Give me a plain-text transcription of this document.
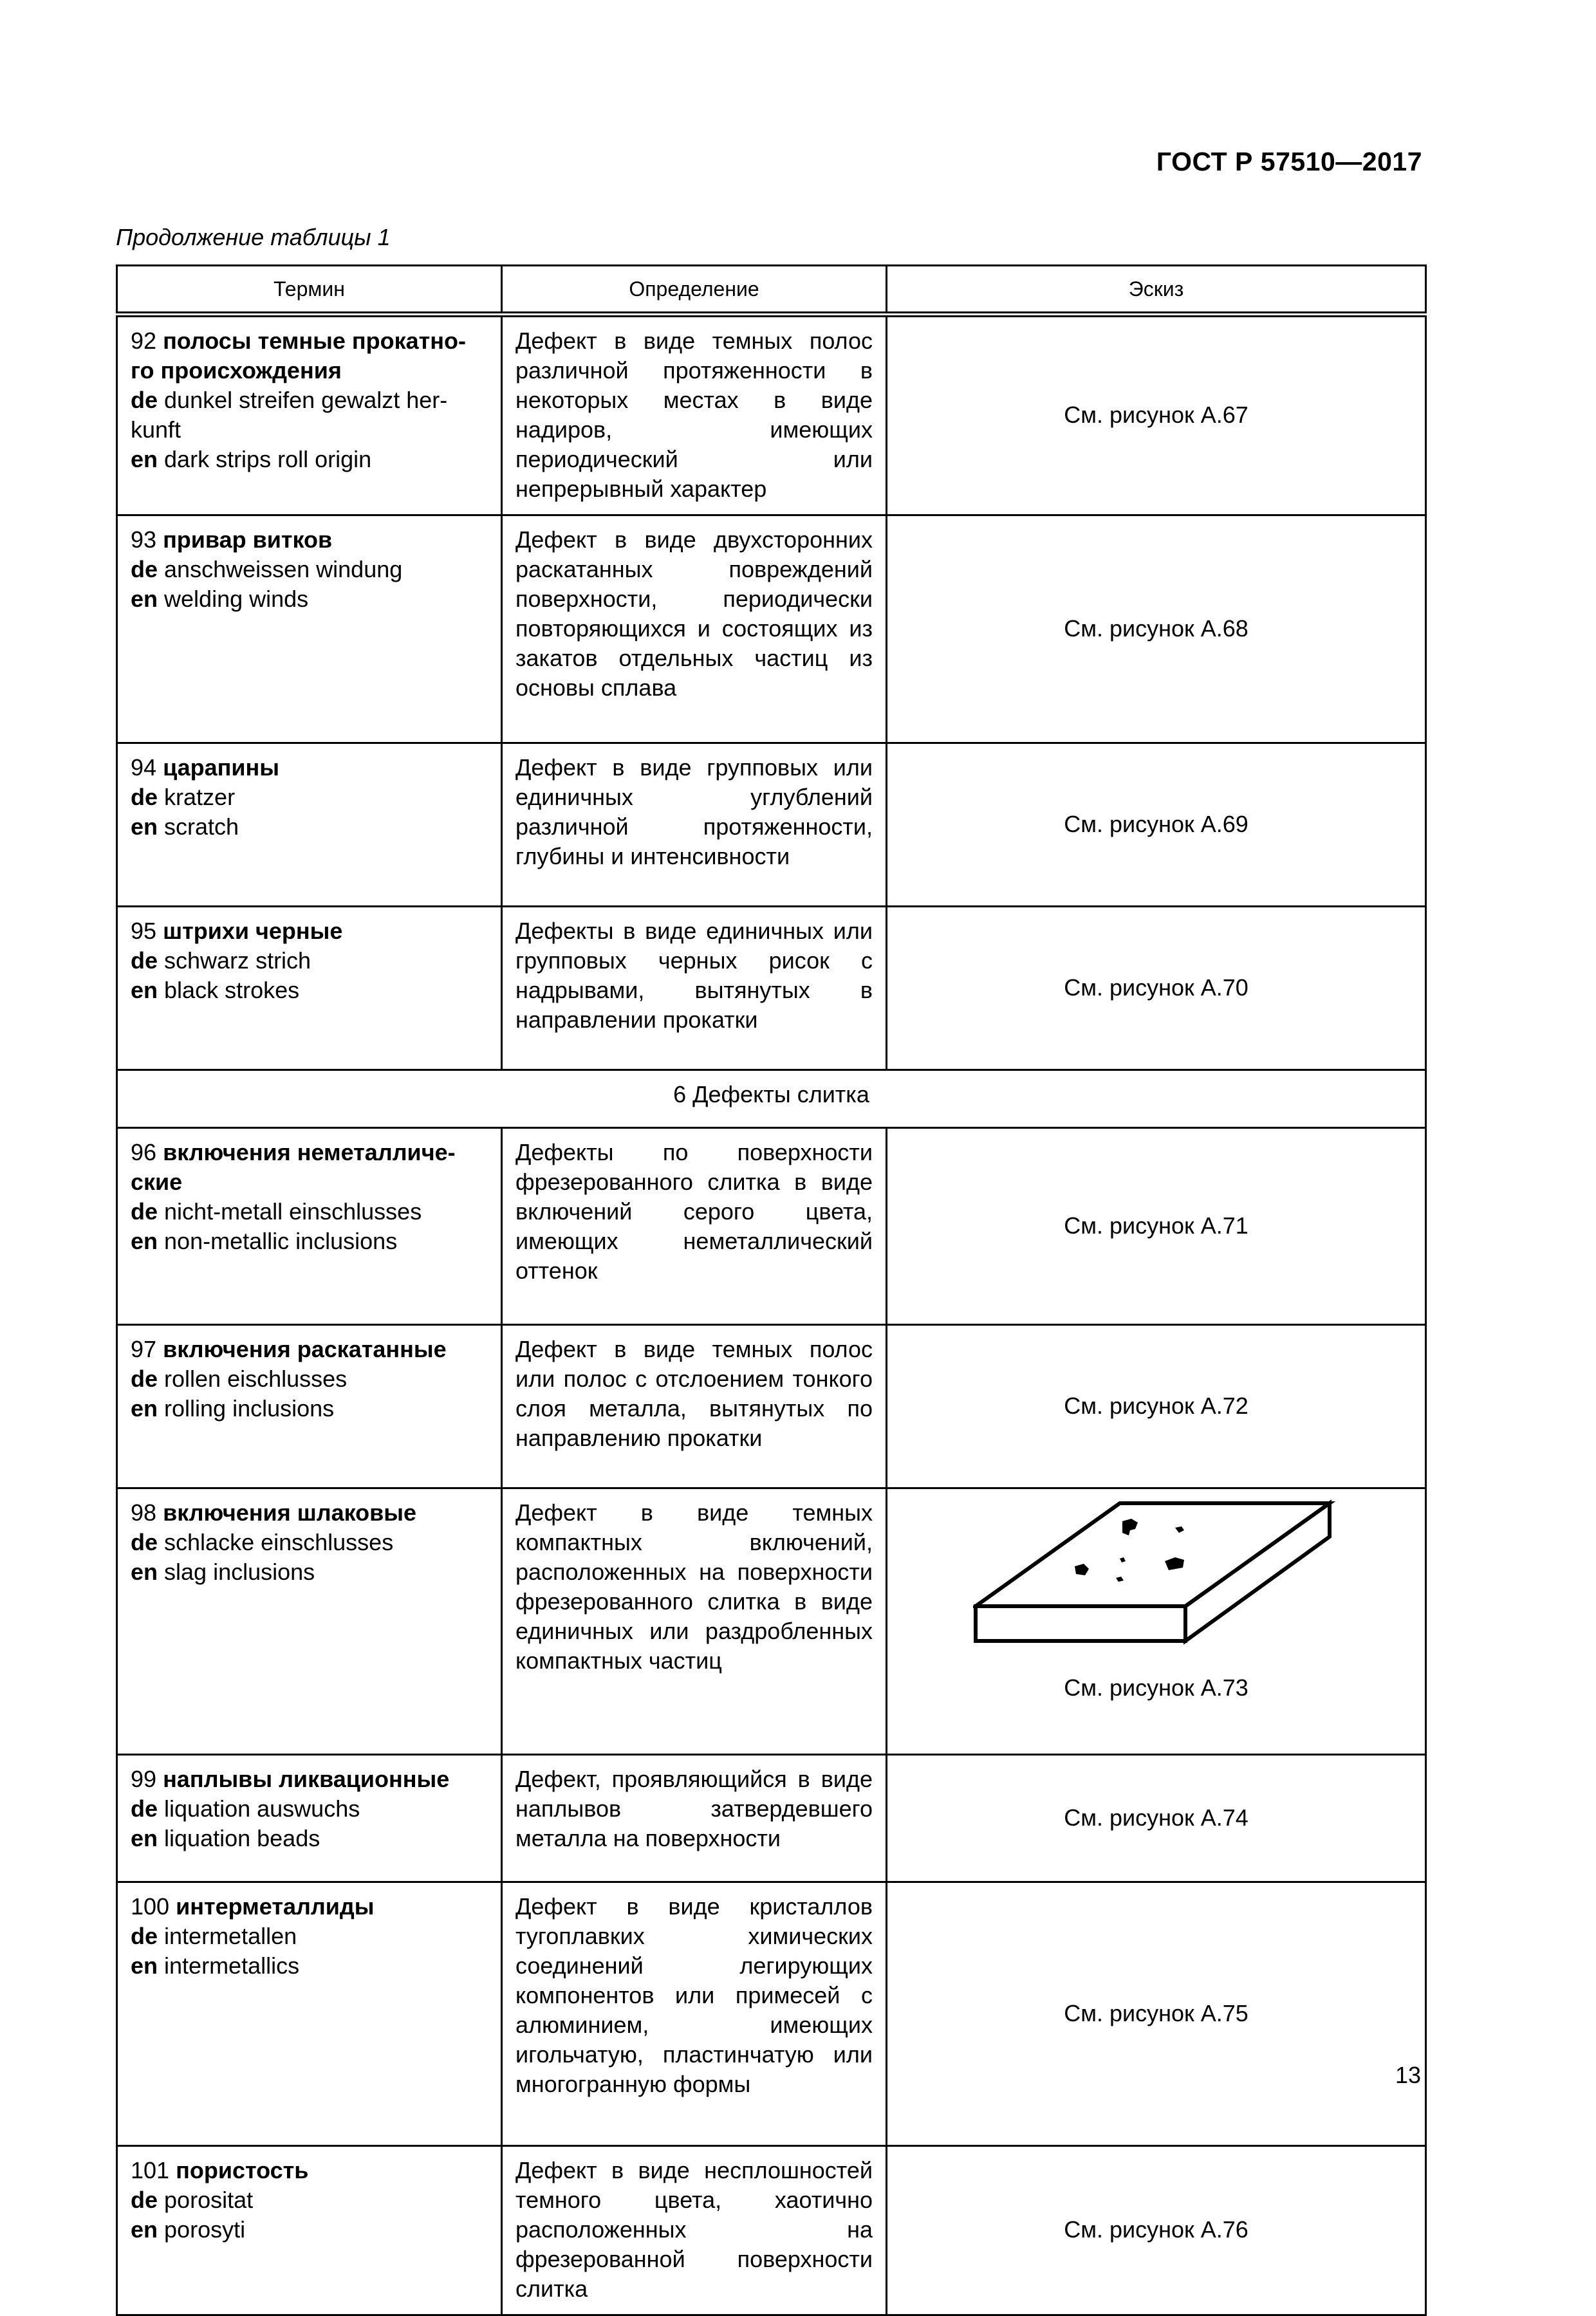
ГОСТ Р 57510—2017
Продолжение таблицы 1
Термин	Определение	Эскиз
92 полосы темные прокатно-
го происхождения
de dunkel streifen gewalzt her-
kunft
en dark strips roll origin	Дефект в виде темных полос различной протяженности в некоторых местах в виде надиров, имеющих периодический или непрерывный характер	См. рисунок А.67
93 привар витков
de anschweissen windung
en welding winds	Дефект в виде двухсторонних раскатанных повреждений поверхности, периодически повторяющихся и состоящих из закатов отдельных частиц из основы сплава	См. рисунок А.68
94 царапины
de kratzer
en scratch	Дефект в виде групповых или единичных углублений различной протяженности, глубины и интенсивности	См. рисунок А.69
95 штрихи черные
de schwarz strich
en black strokes	Дефекты в виде единичных или групповых черных рисок с надрывами, вытянутых в направлении прокатки	См. рисунок А.70
6 Дефекты слитка		
96 включения неметалличе-
ские
de nicht-metall einschlusses
en non-metallic inclusions	Дефекты по поверхности фрезерованного слитка в виде включений серого цвета, имеющих неметаллический оттенок	См. рисунок А.71
97 включения раскатанные
de rollen eischlusses
en rolling inclusions	Дефект в виде темных полос или полос с отслоением тонкого слоя металла, вытянутых по направлению прокатки	См. рисунок А.72
98 включения шлаковые
de schlacke einschlusses
en slag inclusions	Дефект в виде темных компактных включений, расположенных на поверхности фрезерованного слитка в виде единичных или раздробленных компактных частиц	См. рисунок А.73

99 наплывы ликвационные
de liquation auswuchs
en liquation beads	Дефект, проявляющийся в виде наплывов затвердевшего металла на поверхности	См. рисунок А.74
100 интерметаллиды
de intermetallen
en intermetallics	Дефект в виде кристаллов тугоплавких химических соединений легирующих компонентов или примесей с алюминием, имеющих игольчатую, пластинчатую или многогранную формы	См. рисунок А.75
101 пористость
de porositat
en porosyti	Дефект в виде несплошностей темного цвета, хаотично расположенных на фрезерованной поверхности слитка	См. рисунок А.76
13
